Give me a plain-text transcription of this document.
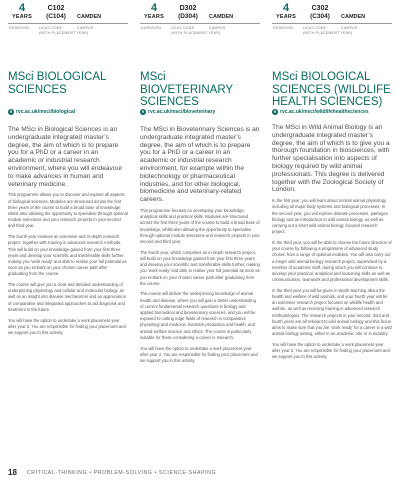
4
YEARS
C102
(C104)	CAMDEN
DURATION	UCAS CODE	CAMPUS
(WITH PLACEMENT YEAR)
MSci BIOLOGICAL
SCIENCES
R rvc.ac.uk/msci/biological
The MSci in Biological Sciences is an undergraduate integrated master’s degree, the aim of which is to prepare you for a PhD or a career in an academic or industrial research environment, where you will endeavour to make advances in human and veterinary medicine.

This programme allows you to discover and explore all aspects of biological sciences. Modules are structured across the first three years of the course to build a broad base of knowledge, whilst also allowing the opportunity to specialise through optional module selections and your research projects in your second and third year.

The fourth year involves an extensive and in-depth research project, together with training in advanced research methods. This will build on your knowledge gained from your first three years and develop your scientific and transferable skills further, making you ‘work ready’ and able to realise your full potential as soon as you embark on your chosen career path after graduating from the course.

The course will give you a clear and detailed understanding of underpinning physiology and cellular and molecular biology, as well as an insight into disease mechanisms and an appreciation of comparative and integrated approaches to aid diagnosis and treatment in the future.

You will have the option to undertake a work placement year after year 2. You are responsible for finding your placement and we support you in this activity.

4
YEARS
D302
(D304)	CAMDEN
DURATION	UCAS CODE	CAMPUS
(WITH PLACEMENT YEAR)
MSci BIOVETERINARY
SCIENCES
R rvc.ac.uk/msci/bioveterinary
The MSci in Bioveterinary Sciences is an undergraduate integrated master’s degree, the aim of which is to prepare you for a PhD or a career in an academic or industrial research environment, for example within the biotechnology or pharmaceutical industries, and for other biological, biomedicine and veterinary-related careers.

This programme focuses on developing your knowledge, analytical skills and practical skills. Modules are structured across the first three years of the course to build a broad base of knowledge, whilst also allowing the opportunity to specialise through optional module selections and research projects in your second and third year.

The fourth year, which comprises an in-depth research project, will build on your knowledge gained from your first three years and develop your scientific and transferable skills further, making you ‘work ready’ and able to realise your full potential as soon as you embark on your chosen career path after graduating from the course.

The course will deliver the underpinning knowledge of animal health and disease, where you will gain a better understanding of current fundamental research questions in biology and applied biomedical and bioveterinary sciences, and you will be exposed to cutting edge fields of research in comparative physiology and medicine, livestock production and health, and animal welfare science and ethics. The course is particularly suitable for those considering a career in research.

You will have the option to undertake a work placement year after year 2. You are responsible for finding your placement and we support you in this activity.

4
YEARS
C302
(C304)	CAMDEN
DURATION	UCAS CODE	CAMPUS
(WITH PLACEMENT YEAR)
MSci BIOLOGICAL
SCIENCES (WILDLIFE
HEALTH SCIENCES)
R rvc.ac.uk/msci/wildlifehealthsciences
The MSci in Wild Animal Biology is an undergraduate integrated master’s degree, the aim of which is to give you a thorough foundation in biosciences, with further specialisation into aspects of biology required by wild animal professionals. This degree is delivered together with the Zoological Society of London.

In the first year, you will learn about normal animal physiology including all major body systems and biological processes. In the second year, you will explore disease processes, pathogen biology and an introduction to wild animal biology, as well as carrying out a short wild animal biology focused research project.

In the third year, you will be able to choose the future direction of your course by following a programme of advanced study chosen from a range of optional modules. You will also carry out a longer wild animal biology research project, supervised by a member of academic staff, during which you will continue to develop your practical, analytical and reasoning skills as well as communication, teamwork and professional development skills.

In the third year you will be given in-depth teaching about the health and welfare of wild animals, and your fourth year will be an extensive research project focused on wildlife health and welfare, as well as receiving training in advanced research methodologies. The research projects in your second, third and fourth years are all relevant to wild animal biology and this focus aims to make sure that you are ‘work ready’ for a career in a wild animal biology setting, either in an academic role or in industry.

You will have the option to undertake a work placement year after year 2. You are responsible for finding your placement and we support you in this activity.

18 CRITICAL-THINKING • PROBLEM-SOLVING • SCIENCE-SHAPING
